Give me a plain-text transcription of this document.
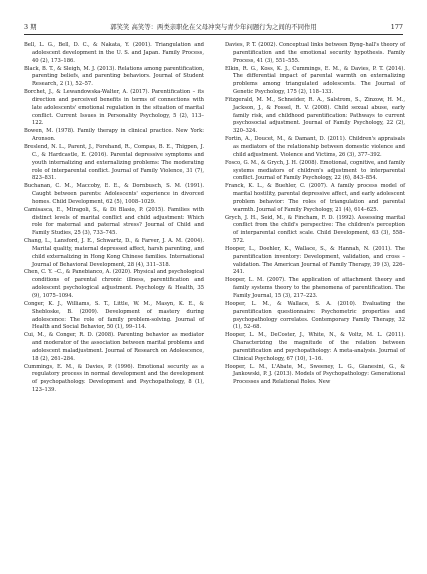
3 期	郭笑笑 高笑等：两类亲职化在父母冲突与青少年问题行为之间的不同作用	177

Bell, L. G., Bell, D. C., & Nakata, Y. (2001). Triangulation and adolescent development in the U. S. and Japan. Family Process, 40 (2), 173–186.

Black, B. T., & Sleigh, M. J. (2013). Relations among parentification, parenting beliefs, and parenting behaviors. Journal of Student Research, 2 (1), 52–57.

Borchet, J., & Lewandowska-Walter, A. (2017). Parentification – its direction and perceived benefits in terms of connections with late adolescents' emotional regulation in the situation of marital conflict. Current Issues in Personality Psychology, 5 (2), 113–122.

Bowen, M. (1978). Family therapy in clinical practice. New York: Aronson.

Breslend, N. L., Parent, J., Forehand, R., Compas, B. E., Thigpen, J. C., & Hardcastle, E. (2016). Parental depressive symptoms and youth internalizing and externalizing problems: The moderating role of interparental conflict. Journal of Family Violence, 31 (7), 823–831.

Buchanan, C. M., Maccoby, E. E., & Dornbusch, S. M. (1991). Caught between parents: Adolescents' experience in divorced homes. Child Development, 62 (5), 1008–1029.

Camisasca, E., Miragoli, S., & Di Blasio, P. (2015). Families with distinct levels of marital conflict and child adjustment: Which role for maternal and paternal stress? Journal of Child and Family Studies, 25 (3), 733–745.

Chang, L., Lansford, J. E., Schwartz, D., & Farver, J. A. M. (2004). Marital quality, maternal depressed affect, harsh parenting, and child externalizing in Hong Kong Chinese families. International Journal of Behavioral Development, 28 (4), 311–318.

Chen, C. Y. –C., & Panebianco, A. (2020). Physical and psychological conditions of parental chronic illness, parentification and adolescent psychological adjustment. Psychology & Health, 35 (9), 1075–1094.

Conger, K. J., Williams, S. T., Little, W. M., Masyn, K. E., & Shebloske, B. (2009). Development of mastery during adolescence: The role of family problem-solving. Journal of Health and Social Behavior, 50 (1), 99–114.

Cui, M., & Conger, R. D. (2008). Parenting behavior as mediator and moderator of the association between marital problems and adolescent maladjustment. Journal of Research on Adolescence, 18 (2), 261–284.

Cummings, E. M., & Davies, P. (1996). Emotional security as a regulatory process in normal development and the development of psychopathology. Development and Psychopathology, 8 (1), 123–139.

Davies, P. T. (2002). Conceptual links between Byng–hall's theory of parentification and the emotional security hypothesis. Family Process, 41 (3), 551–555.

Elkin, R. G., Koss, K. J., Cummings, E. M., & Davies, P. T. (2014). The differential impact of parental warmth on externalizing problems among triangulated adolescents. The Journal of Genetic Psychology, 175 (2), 118–133.

Fitzgerald, M. M., Schneider, R. A., Salstrom, S., Zinzow, H. M., Jackson, J., & Fossel, R. V. (2008). Child sexual abuse, early family risk, and childhood parentification: Pathways to current psychosocial adjustment. Journal of Family Psychology, 22 (2), 320–324.

Fortin, A., Doucet, M., & Damant, D. (2011). Children's appraisals as mediators of the relationship between domestic violence and child adjustment. Violence and Victims, 26 (3), 377–392.

Fosco, G. M., & Grych, J. H. (2008). Emotional, cognitive, and family systems mediators of children's adjustment to interparental conflict. Journal of Family Psychology, 22 (6), 843–854.

Franck, K. L., & Buehler, C. (2007). A family process model of marital hostility, parental depressive affect, and early adolescent problem behavior: The roles of triangulation and parental warmth. Journal of Family Psychology, 21 (4), 614–625.

Grych, J. H., Seid, M., & Fincham, F. D. (1992). Assessing marital conflict from the child's perspective: The children's perception of interparental conflict scale. Child Development, 63 (3), 558–572.

Hooper, L., Doehler, K., Wallace, S., & Hannah, N. (2011). The parentification inventory: Development, validation, and cross – validation. The American Journal of Family Therapy, 39 (3), 226–241.

Hooper, L. M. (2007). The application of attachment theory and family systems theory to the phenomena of parentification. The Family Journal, 15 (3), 217–223.

Hooper, L. M., & Wallace, S. A. (2010). Evaluating the parentification questionnaire: Psychometric properties and psychopathology correlates. Contemporary Family Therapy, 32 (1), 52–68.

Hooper, L. M., DeCoster, J., White, N., & Voltz, M. L. (2011). Characterizing the magnitude of the relation between parentification and psychopathology: A meta-analysis. Journal of Clinical Psychology, 67 (10), 1–16.

Hooper, L. M., L'Abate, M., Sweeney, L. G., Gianesini, G., & Jankowski, P. J. (2013). Models of Psychopathology: Generational Processes and Relational Roles. New
